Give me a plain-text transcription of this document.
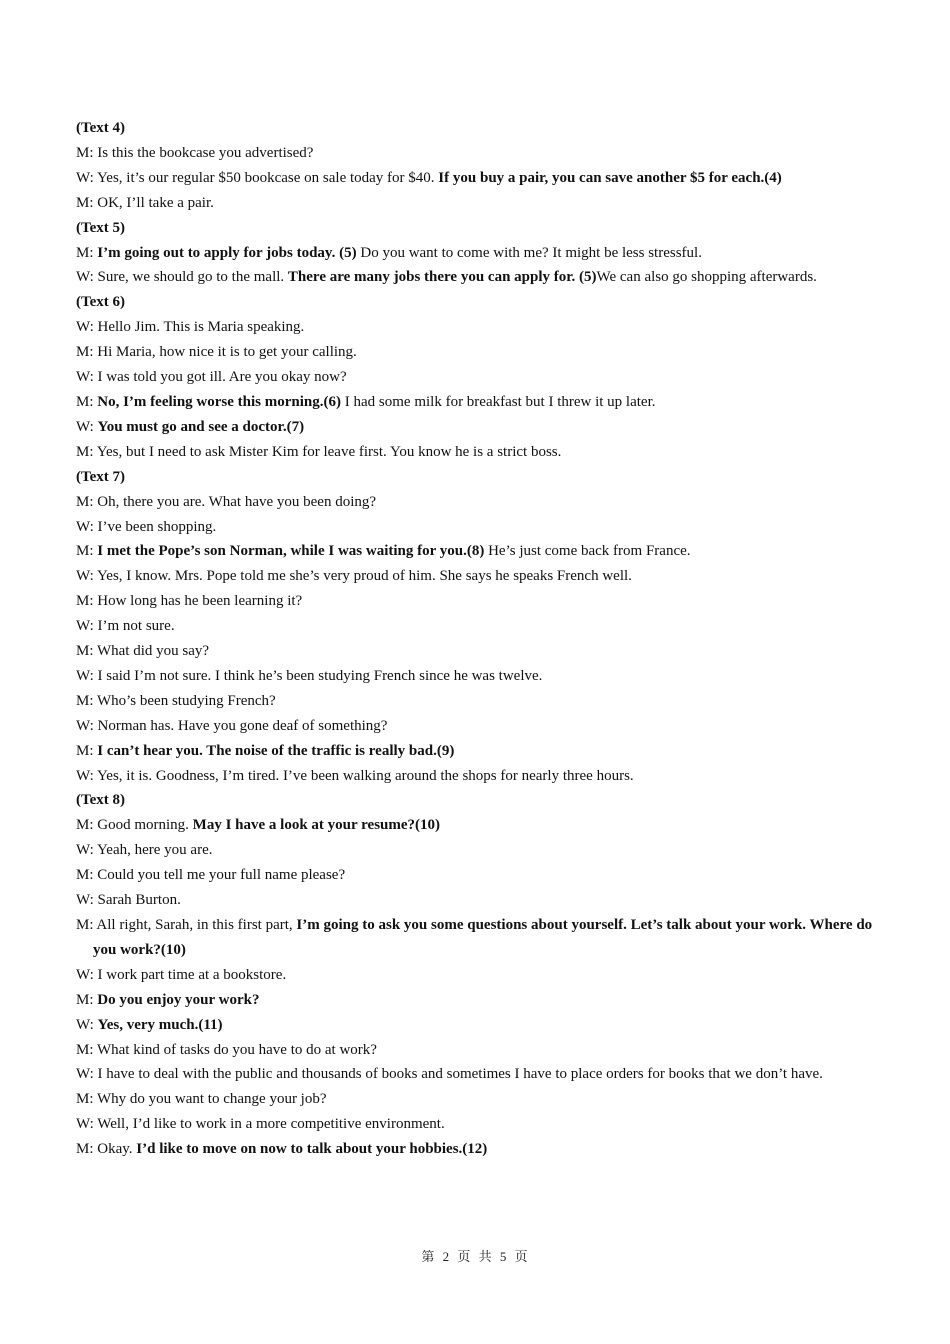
(Text 4)
M: Is this the bookcase you advertised?
W: Yes, it’s our regular $50 bookcase on sale today for $40. If you buy a pair, you can save another $5 for each.(4)
M: OK, I’ll take a pair.
(Text 5)
M: I’m going out to apply for jobs today. (5) Do you want to come with me? It might be less stressful.
W: Sure, we should go to the mall. There are many jobs there you can apply for. (5)We can also go shopping afterwards.
(Text 6)
W: Hello Jim. This is Maria speaking.
M: Hi Maria, how nice it is to get your calling.
W: I was told you got ill. Are you okay now?
M: No, I’m feeling worse this morning.(6) I had some milk for breakfast but I threw it up later.
W: You must go and see a doctor.(7)
M: Yes, but I need to ask Mister Kim for leave first. You know he is a strict boss.
(Text 7)
M: Oh, there you are. What have you been doing?
W: I’ve been shopping.
M: I met the Pope’s son Norman, while I was waiting for you.(8) He’s just come back from France.
W: Yes, I know. Mrs. Pope told me she’s very proud of him. She says he speaks French well.
M: How long has he been learning it?
W: I’m not sure.
M: What did you say?
W: I said I’m not sure. I think he’s been studying French since he was twelve.
M: Who’s been studying French?
W: Norman has. Have you gone deaf of something?
M: I can’t hear you. The noise of the traffic is really bad.(9)
W: Yes, it is. Goodness, I’m tired. I’ve been walking around the shops for nearly three hours.
(Text 8)
M: Good morning. May I have a look at your resume?(10)
W: Yeah, here you are.
M: Could you tell me your full name please?
W: Sarah Burton.
M: All right, Sarah, in this first part, I’m going to ask you some questions about yourself. Let’s talk about your work. Where do you work?(10)
W: I work part time at a bookstore.
M: Do you enjoy your work?
W: Yes, very much.(11)
M: What kind of tasks do you have to do at work?
W: I have to deal with the public and thousands of books and sometimes I have to place orders for books that we don’t have.
M: Why do you want to change your job?
W: Well, I’d like to work in a more competitive environment.
M: Okay. I’d like to move on now to talk about your hobbies.(12)
第 2 页 共 5 页
